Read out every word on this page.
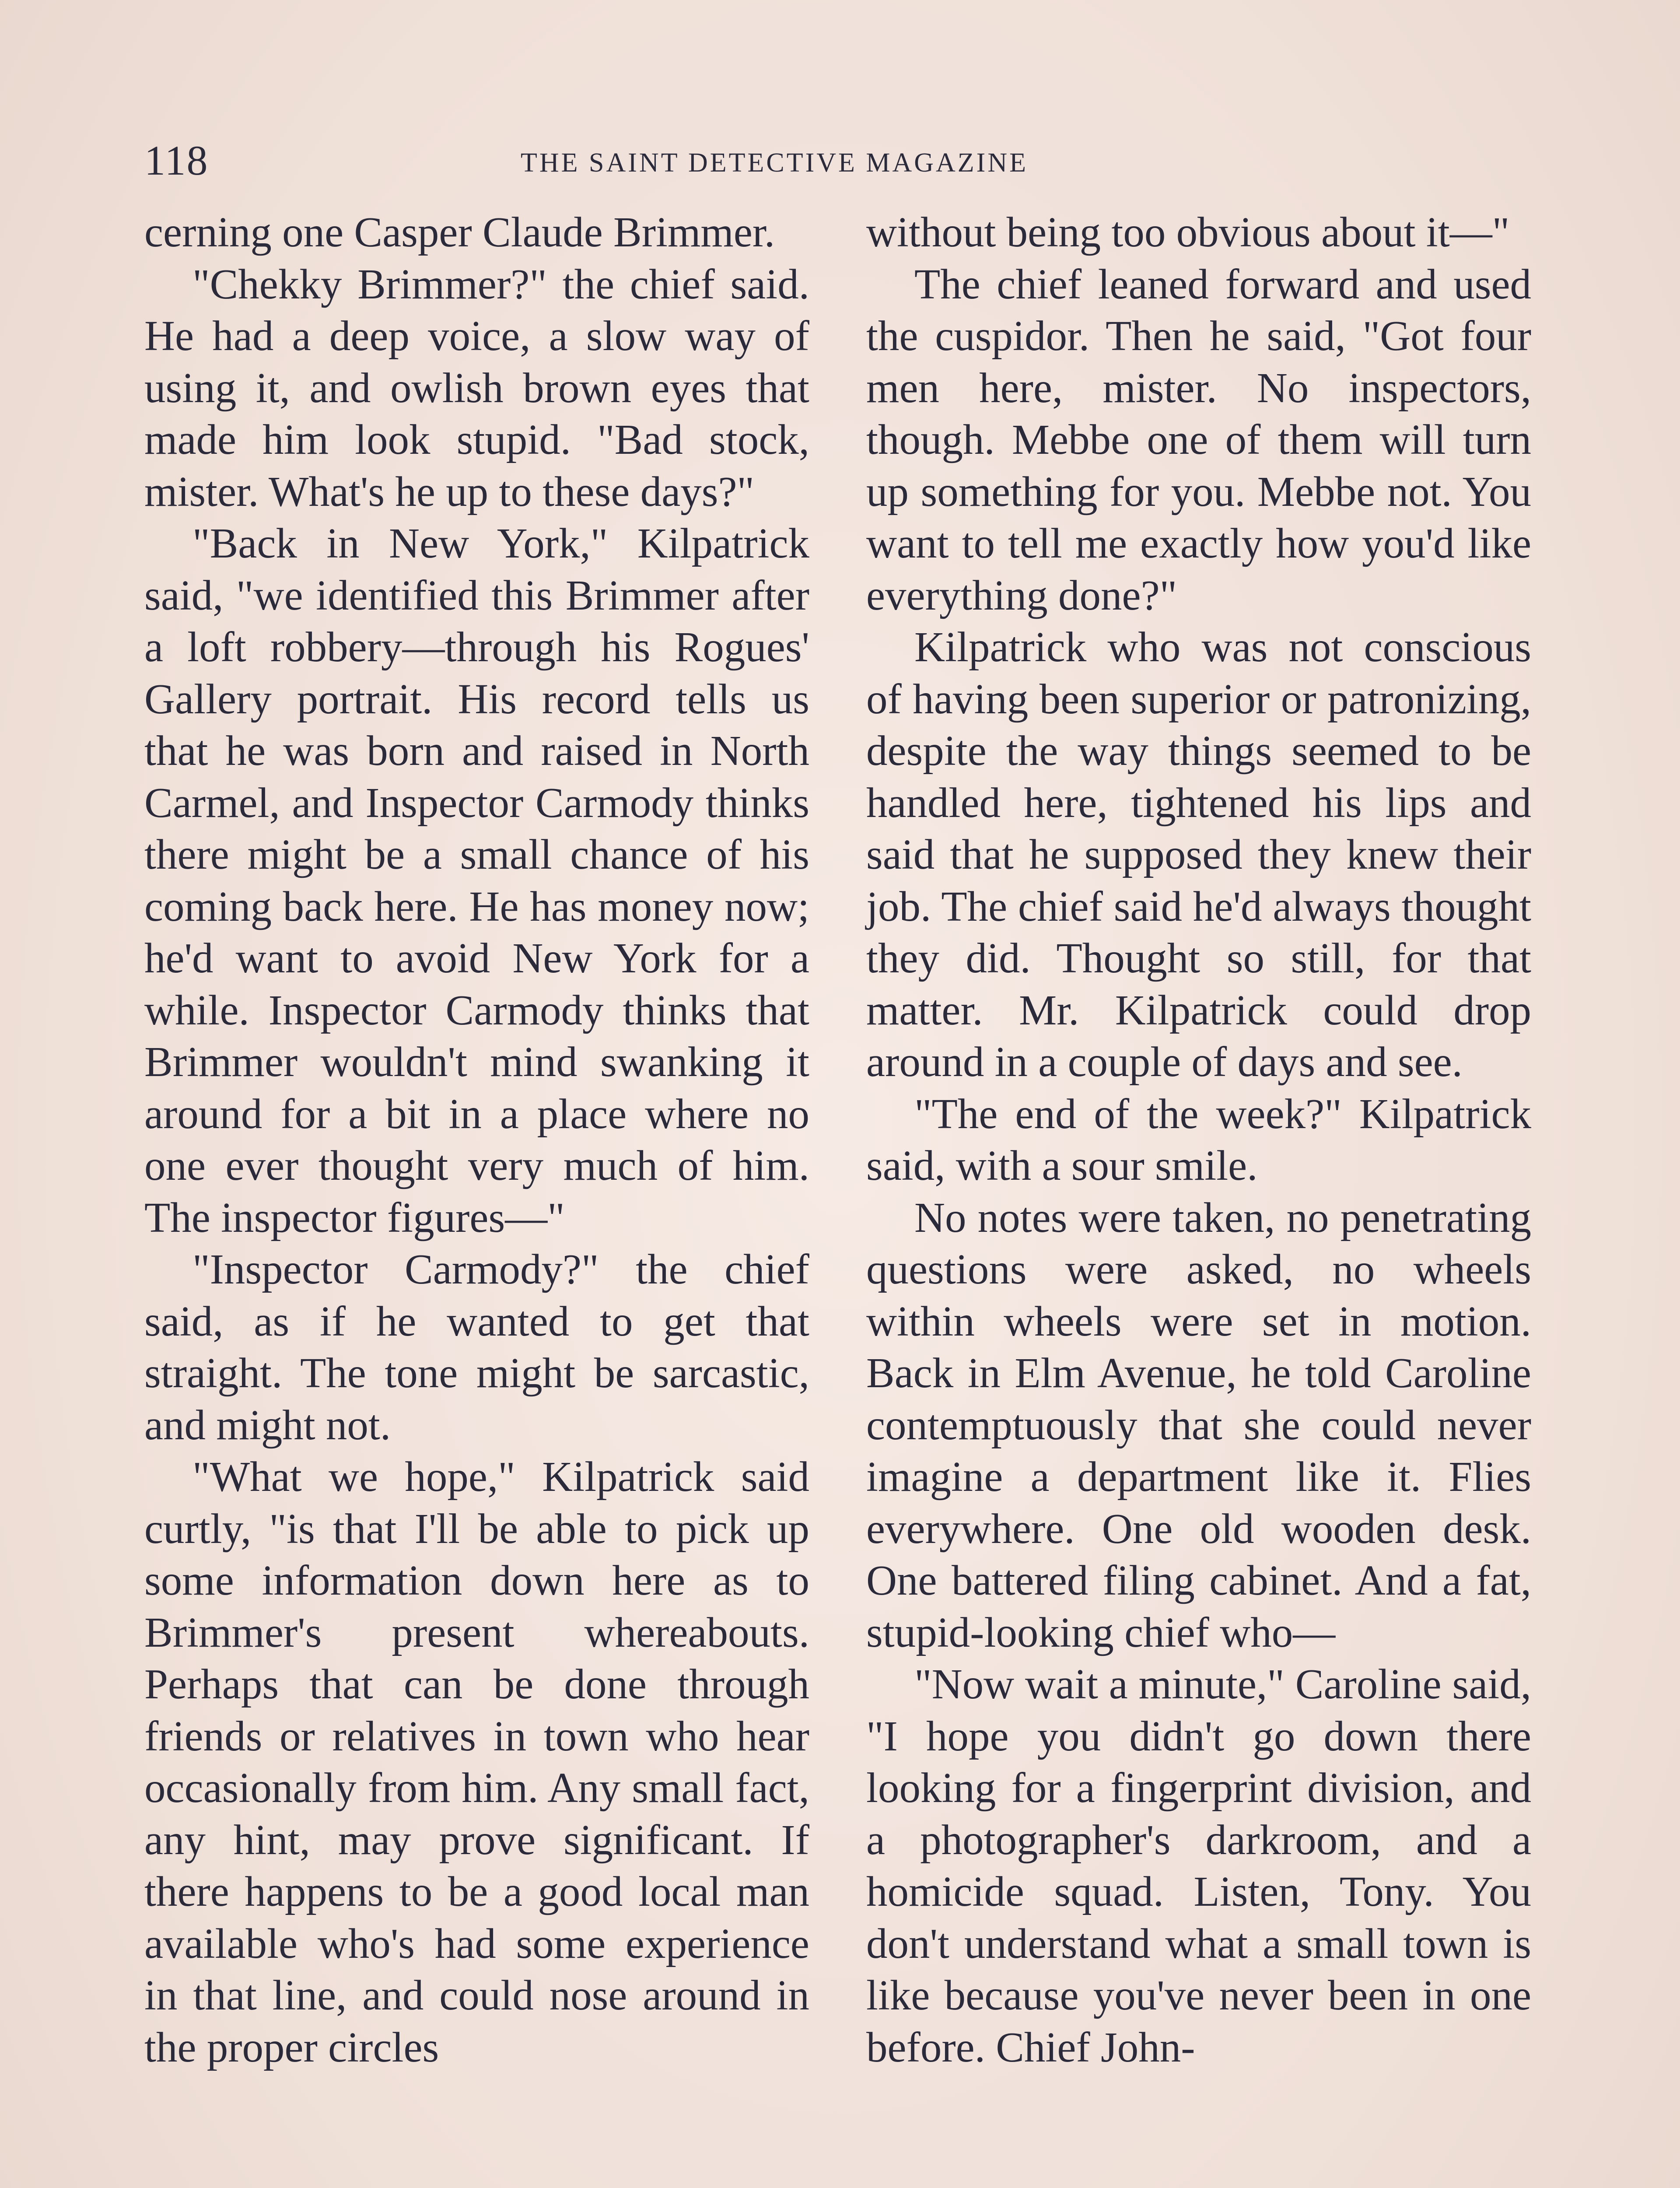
118	THE SAINT DETECTIVE MAGAZINE

cerning one Casper Claude Brimmer.

"Chekky Brimmer?" the chief said. He had a deep voice, a slow way of using it, and owlish brown eyes that made him look stupid. "Bad stock, mister. What's he up to these days?"

"Back in New York," Kilpatrick said, "we identified this Brimmer after a loft robbery—through his Rogues' Gallery portrait. His record tells us that he was born and raised in North Carmel, and Inspector Carmody thinks there might be a small chance of his coming back here. He has money now; he'd want to avoid New York for a while. Inspector Carmody thinks that Brimmer wouldn't mind swanking it around for a bit in a place where no one ever thought very much of him. The inspector figures—"

"Inspector Carmody?" the chief said, as if he wanted to get that straight. The tone might be sarcastic, and might not.

"What we hope," Kilpatrick said curtly, "is that I'll be able to pick up some information down here as to Brimmer's present whereabouts. Perhaps that can be done through friends or relatives in town who hear occasionally from him. Any small fact, any hint, may prove significant. If there happens to be a good local man available who's had some experience in that line, and could nose around in the proper circles

without being too obvious about it—"

The chief leaned forward and used the cuspidor. Then he said, "Got four men here, mister. No inspectors, though. Mebbe one of them will turn up something for you. Mebbe not. You want to tell me exactly how you'd like everything done?"

Kilpatrick who was not conscious of having been superior or patronizing, despite the way things seemed to be handled here, tightened his lips and said that he supposed they knew their job. The chief said he'd always thought they did. Thought so still, for that matter. Mr. Kilpatrick could drop around in a couple of days and see.

"The end of the week?" Kilpatrick said, with a sour smile.

No notes were taken, no penetrating questions were asked, no wheels within wheels were set in motion. Back in Elm Avenue, he told Caroline contemptuously that she could never imagine a department like it. Flies everywhere. One old wooden desk. One battered filing cabinet. And a fat, stupid-looking chief who—

"Now wait a minute," Caroline said, "I hope you didn't go down there looking for a fingerprint division, and a photographer's darkroom, and a homicide squad. Listen, Tony. You don't understand what a small town is like because you've never been in one before. Chief John-
